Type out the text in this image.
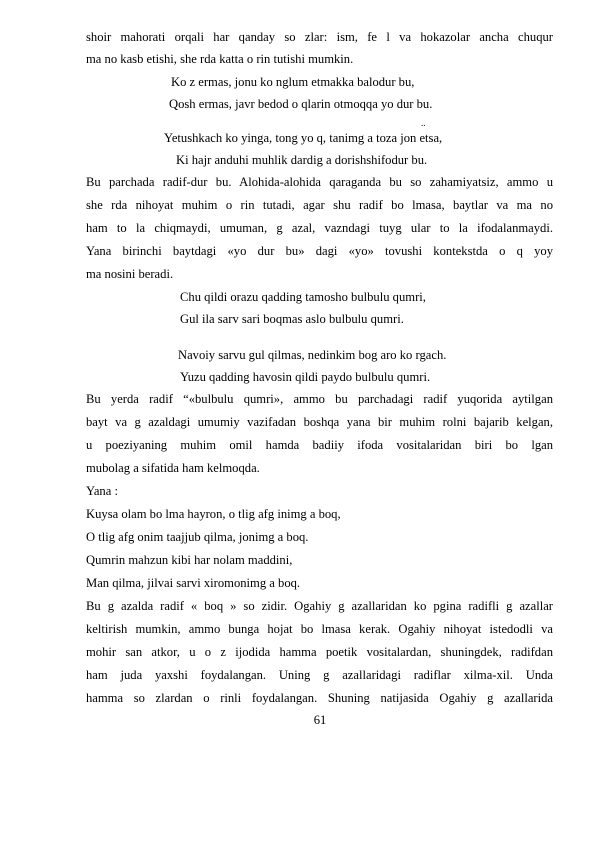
shoir mahorati orqali har qanday so zlar: ism, fe l va hokazolar ancha chuqur
ma no kasb etishi, she rda katta o rin tutishi mumkin.
Ko z ermas, jonu ko nglum etmakka balodur bu,
Qosh ermas, javr bedod o qlarin otmoqqa yo dur bu.
..
Yetushkach ko yinga, tong yo q, tanimg a toza jon etsa,
Ki hajr anduhi muhlik dardig a dorishshifodur bu.
Bu parchada radif-dur bu. Alohida-alohida qaraganda bu so zahamiyatsiz, ammo u
she rda nihoyat muhim o rin tutadi, agar shu radif bo lmasa, baytlar va ma no
ham to la chiqmaydi, umuman, g azal, vazndagi tuyg ular to la ifodalanmaydi.
Yana birinchi baytdagi «yo dur bu» dagi «yo» tovushi kontekstda o q yoy
ma nosini beradi.
Chu qildi orazu qadding tamosho bulbulu qumri,
Gul ila sarv sari boqmas aslo bulbulu qumri.
Navoiy sarvu gul qilmas, nedinkim bog aro ko rgach.
Yuzu qadding havosin qildi paydo bulbulu qumri.
Bu yerda radif “«bulbulu qumri», ammo bu parchadagi radif yuqorida aytilgan
bayt va g azaldagi umumiy vazifadan boshqa yana bir muhim rolni bajarib kelgan,
u poeziyaning muhim omil hamda badiiy ifoda vositalaridan biri bo lgan
mubolag a sifatida ham kelmoqda.
Yana :
Kuysa olam bo lma hayron, o tlig afg inimg a boq,
O tlig afg onim taajjub qilma, jonimg a boq.
Qumrin mahzun kibi har nolam maddini,
Man qilma, jilvai sarvi xiromonimg a boq.
Bu g azalda radif « boq » so zidir. Ogahiy g azallaridan ko pgina radifli g azallar
keltirish mumkin, ammo bunga hojat bo lmasa kerak. Ogahiy nihoyat istedodli va
mohir san atkor, u o z ijodida hamma poetik vositalardan, shuningdek, radifdan
ham juda yaxshi foydalangan. Uning g azallaridagi radiflar xilma-xil. Unda
hamma so zlardan o rinli foydalangan. Shuning natijasida Ogahiy g azallarida
61
